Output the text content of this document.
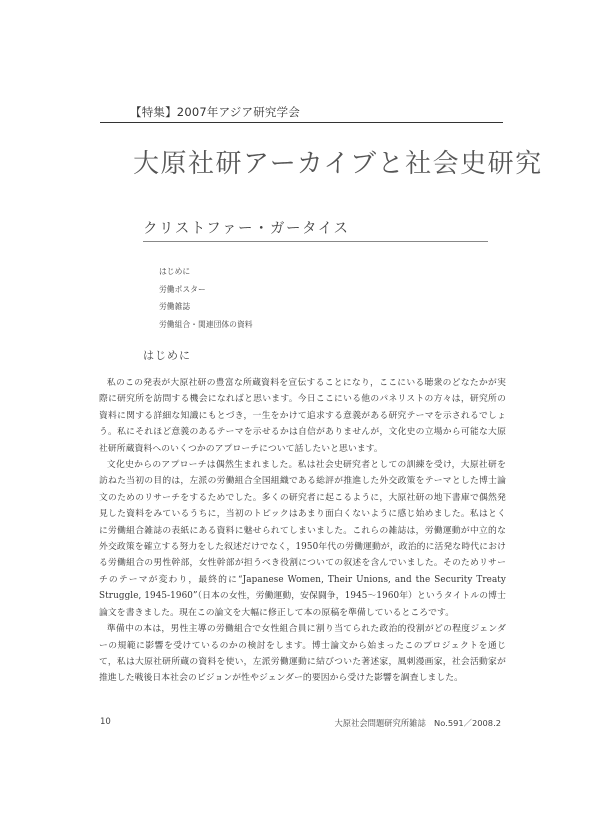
【特集】2007年アジア研究学会
大原社研アーカイブと社会史研究
クリストファー・ガータイス
はじめに
労働ポスター
労働雑誌
労働組合・関連団体の資料
はじめに

私のこの発表が大原社研の豊富な所蔵資料を宣伝することになり，ここにいる聴衆のどなたかが実際に研究所を訪問する機会になればと思います。今日ここにいる他のパネリストの方々は，研究所の資料に関する詳細な知識にもとづき，一生をかけて追求する意義がある研究テーマを示されるでしょう。私にそれほど意義のあるテーマを示せるかは自信がありませんが，文化史の立場から可能な大原社研所蔵資料へのいくつかのアプローチについて話したいと思います。

文化史からのアプローチは偶然生まれました。私は社会史研究者としての訓練を受け，大原社研を訪ねた当初の目的は，左派の労働組合全国組織である総評が推進した外交政策をテーマとした博士論文のためのリサーチをするためでした。多くの研究者に起こるように，大原社研の地下書庫で偶然発見した資料をみているうちに，当初のトピックはあまり面白くないように感じ始めました。私はとくに労働組合雑誌の表紙にある資料に魅せられてしまいました。これらの雑誌は，労働運動が中立的な外交政策を確立する努力をした叙述だけでなく，1950年代の労働運動が，政治的に活発な時代における労働組合の男性幹部，女性幹部が担うべき役割についての叙述を含んでいました。そのためリサーチのテーマが変わり，最終的に“Japanese Women, Their Unions, and the Security Treaty Struggle, 1945-1960”（日本の女性，労働運動，安保闘争，1945〜1960年）というタイトルの博士論文を書きました。現在この論文を大幅に修正して本の原稿を準備しているところです。

準備中の本は，男性主導の労働組合で女性組合員に割り当てられた政治的役割がどの程度ジェンダーの規範に影響を受けているのかの検討をします。博士論文から始まったこのプロジェクトを通じて，私は大原社研所蔵の資料を使い，左派労働運動に結びついた著述家，風刺漫画家，社会活動家が推進した戦後日本社会のビジョンが性やジェンダー的要因から受けた影響を調査しました。

10	大原社会問題研究所雑誌　No.591／2008.2
